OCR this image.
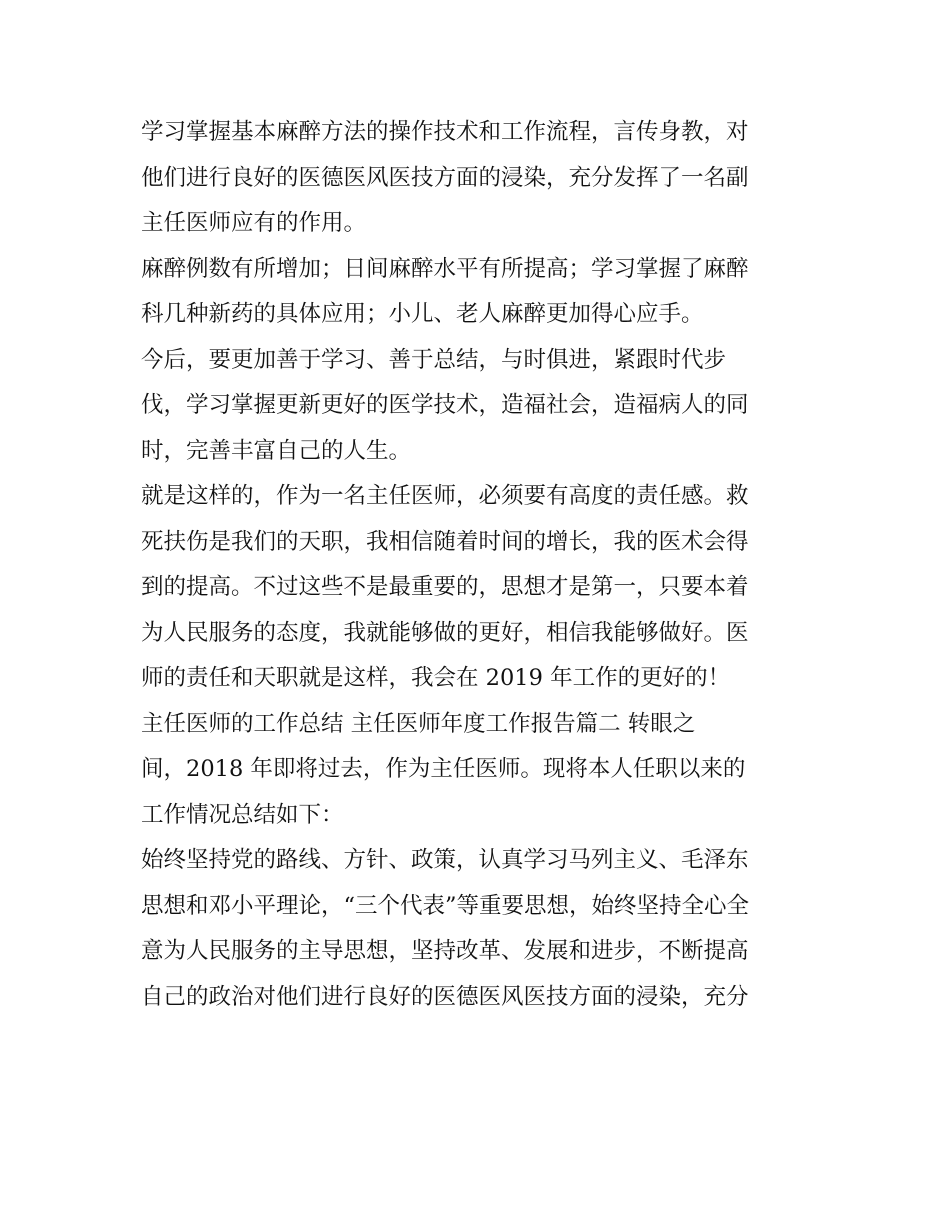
学习掌握基本麻醉方法的操作技术和工作流程，言传身教，对
他们进行良好的医德医风医技方面的浸染，充分发挥了一名副
主任医师应有的作用。
麻醉例数有所增加；日间麻醉水平有所提高；学习掌握了麻醉
科几种新药的具体应用；小儿、老人麻醉更加得心应手。
今后，要更加善于学习、善于总结，与时俱进，紧跟时代步
伐，学习掌握更新更好的医学技术，造福社会，造福病人的同
时，完善丰富自己的人生。
就是这样的，作为一名主任医师，必须要有高度的责任感。救
死扶伤是我们的天职，我相信随着时间的增长，我的医术会得
到的提高。不过这些不是最重要的，思想才是第一，只要本着
为人民服务的态度，我就能够做的更好，相信我能够做好。医
师的责任和天职就是这样，我会在 2019 年工作的更好的！
主任医师的工作总结 主任医师年度工作报告篇二 转眼之
间，2018 年即将过去，作为主任医师。现将本人任职以来的
工作情况总结如下：
始终坚持党的路线、方针、政策，认真学习马列主义、毛泽东
思想和邓小平理论，“三个代表”等重要思想，始终坚持全心全
意为人民服务的主导思想，坚持改革、发展和进步，不断提高
自己的政治对他们进行良好的医德医风医技方面的浸染，充分
